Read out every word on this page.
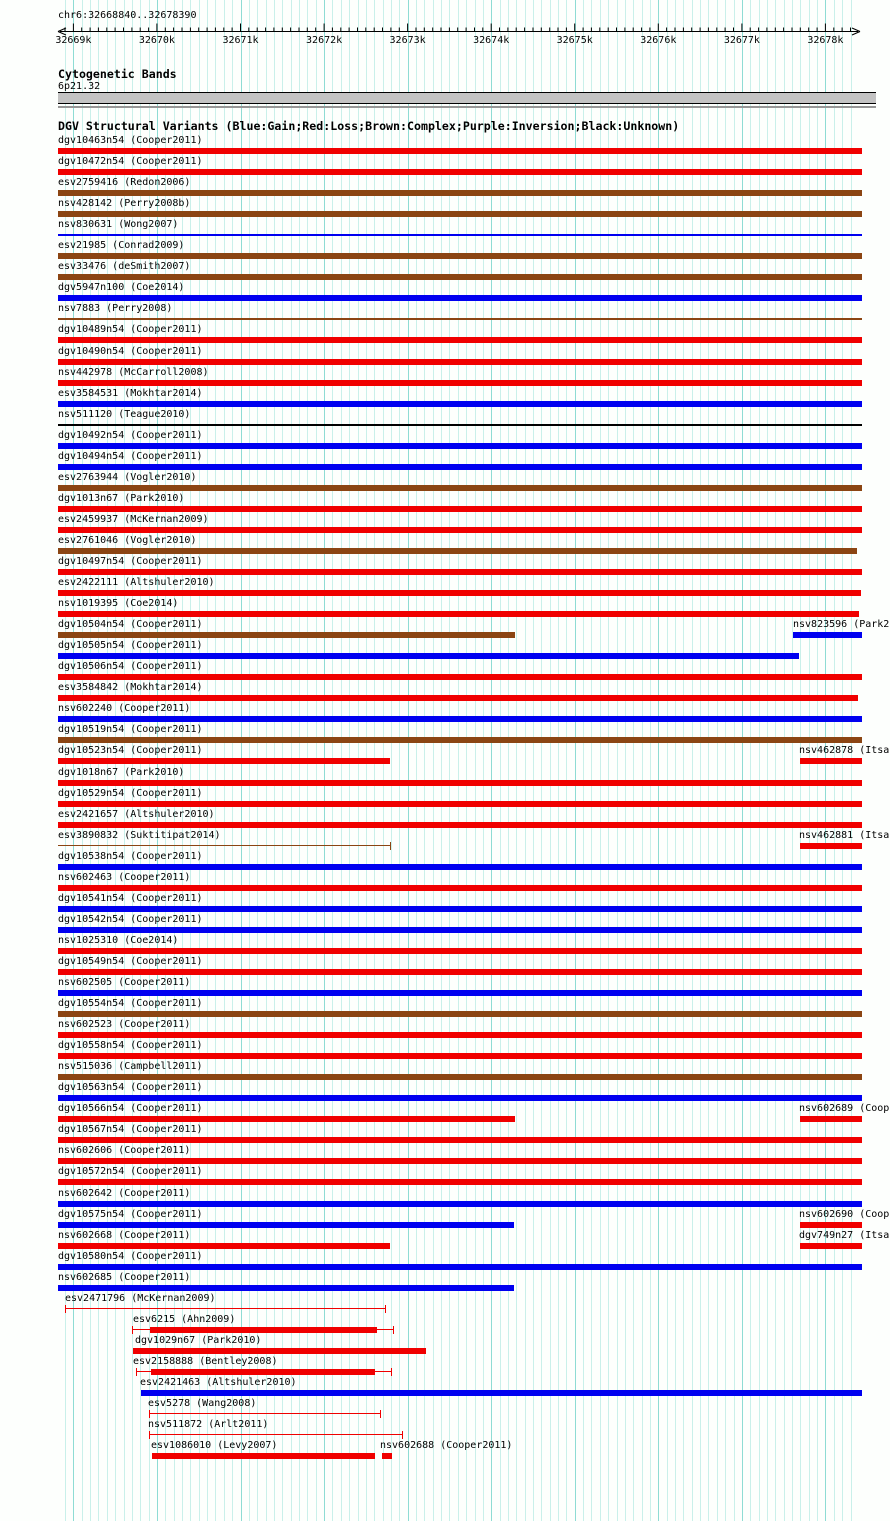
chr6:32668840..32678390
32669k	32670k	32671k	32672k	32673k	32674k	32675k	32676k	32677k	32678k
Cytogenetic Bands
6p21.32
DGV Structural Variants (Blue:Gain;Red:Loss;Brown:Complex;Purple:Inversion;Black:Unknown)
dgv10463n54 (Cooper2011)
dgv10472n54 (Cooper2011)
esv2759416 (Redon2006)
nsv428142 (Perry2008b)
nsv830631 (Wong2007)
esv21985 (Conrad2009)
esv33476 (deSmith2007)
dgv5947n100 (Coe2014)
nsv7883 (Perry2008)
dgv10489n54 (Cooper2011)
dgv10490n54 (Cooper2011)
nsv442978 (McCarroll2008)
esv3584531 (Mokhtar2014)
nsv511120 (Teague2010)
dgv10492n54 (Cooper2011)
dgv10494n54 (Cooper2011)
esv2763944 (Vogler2010)
dgv1013n67 (Park2010)
esv2459937 (McKernan2009)
esv2761046 (Vogler2010)
dgv10497n54 (Cooper2011)
esv2422111 (Altshuler2010)
nsv1019395 (Coe2014)
dgv10504n54 (Cooper2011)	nsv823596 (Park2
dgv10505n54 (Cooper2011)
dgv10506n54 (Cooper2011)
esv3584842 (Mokhtar2014)
nsv602240 (Cooper2011)
dgv10519n54 (Cooper2011)
dgv10523n54 (Cooper2011)	nsv462878 (Itsa
dgv1018n67 (Park2010)
dgv10529n54 (Cooper2011)
esv2421657 (Altshuler2010)
esv3890832 (Suktitipat2014)	nsv462881 (Itsa
dgv10538n54 (Cooper2011)
nsv602463 (Cooper2011)
dgv10541n54 (Cooper2011)
dgv10542n54 (Cooper2011)
nsv1025310 (Coe2014)
dgv10549n54 (Cooper2011)
nsv602505 (Cooper2011)
dgv10554n54 (Cooper2011)
nsv602523 (Cooper2011)
dgv10558n54 (Cooper2011)
nsv515036 (Campbell2011)
dgv10563n54 (Cooper2011)
dgv10566n54 (Cooper2011)	nsv602689 (Coop
dgv10567n54 (Cooper2011)
nsv602606 (Cooper2011)
dgv10572n54 (Cooper2011)
nsv602642 (Cooper2011)
dgv10575n54 (Cooper2011)	nsv602690 (Coop
nsv602668 (Cooper2011)	dgv749n27 (Itsa
dgv10580n54 (Cooper2011)
nsv602685 (Cooper2011)
esv2471796 (McKernan2009)
esv6215 (Ahn2009)
dgv1029n67 (Park2010)
esv2158888 (Bentley2008)
esv2421463 (Altshuler2010)
esv5278 (Wang2008)
nsv511872 (Arlt2011)
esv1086010 (Levy2007)	nsv602688 (Cooper2011)
